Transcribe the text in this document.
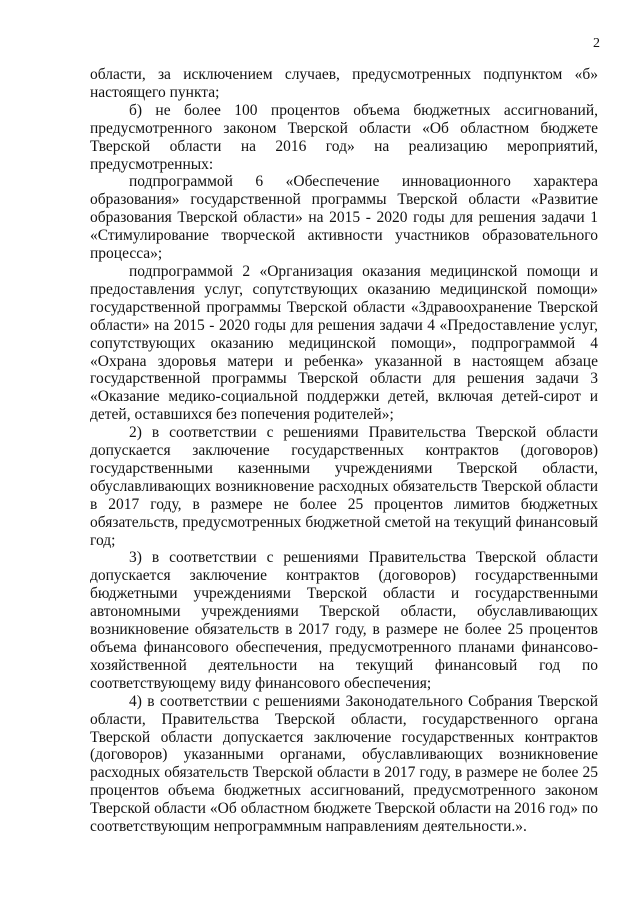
2

области, за исключением случаев, предусмотренных подпунктом «б» настоящего пункта;

б) не более 100 процентов объема бюджетных ассигнований, предусмотренного законом Тверской области «Об областном бюджете Тверской области на 2016 год» на реализацию мероприятий, предусмотренных:

подпрограммой 6 «Обеспечение инновационного характера образования» государственной программы Тверской области «Развитие образования Тверской области» на 2015 - 2020 годы для решения задачи 1 «Стимулирование творческой активности участников образовательного процесса»;

подпрограммой 2 «Организация оказания медицинской помощи и предоставления услуг, сопутствующих оказанию медицинской помощи» государственной программы Тверской области «Здравоохранение Тверской области» на 2015 - 2020 годы для решения задачи 4 «Предоставление услуг, сопутствующих оказанию медицинской помощи», подпрограммой 4 «Охрана здоровья матери и ребенка» указанной в настоящем абзаце государственной программы Тверской области для решения задачи 3 «Оказание медико-социальной поддержки детей, включая детей-сирот и детей, оставшихся без попечения родителей»;

2) в соответствии с решениями Правительства Тверской области допускается заключение государственных контрактов (договоров) государственными казенными учреждениями Тверской области, обуславливающих возникновение расходных обязательств Тверской области в 2017 году, в размере не более 25 процентов лимитов бюджетных обязательств, предусмотренных бюджетной сметой на текущий финансовый год;

3) в соответствии с решениями Правительства Тверской области допускается заключение контрактов (договоров) государственными бюджетными учреждениями Тверской области и государственными автономными учреждениями Тверской области, обуславливающих возникновение обязательств в 2017 году, в размере не более 25 процентов объема финансового обеспечения, предусмотренного планами финансово-хозяйственной деятельности на текущий финансовый год по соответствующему виду финансового обеспечения;

4) в соответствии с решениями Законодательного Собрания Тверской области, Правительства Тверской области, государственного органа Тверской области допускается заключение государственных контрактов (договоров) указанными органами, обуславливающих возникновение расходных обязательств Тверской области в 2017 году, в размере не более 25 процентов объема бюджетных ассигнований, предусмотренного законом Тверской области «Об областном бюджете Тверской области на 2016 год» по соответствующим непрограммным направлениям деятельности.».
